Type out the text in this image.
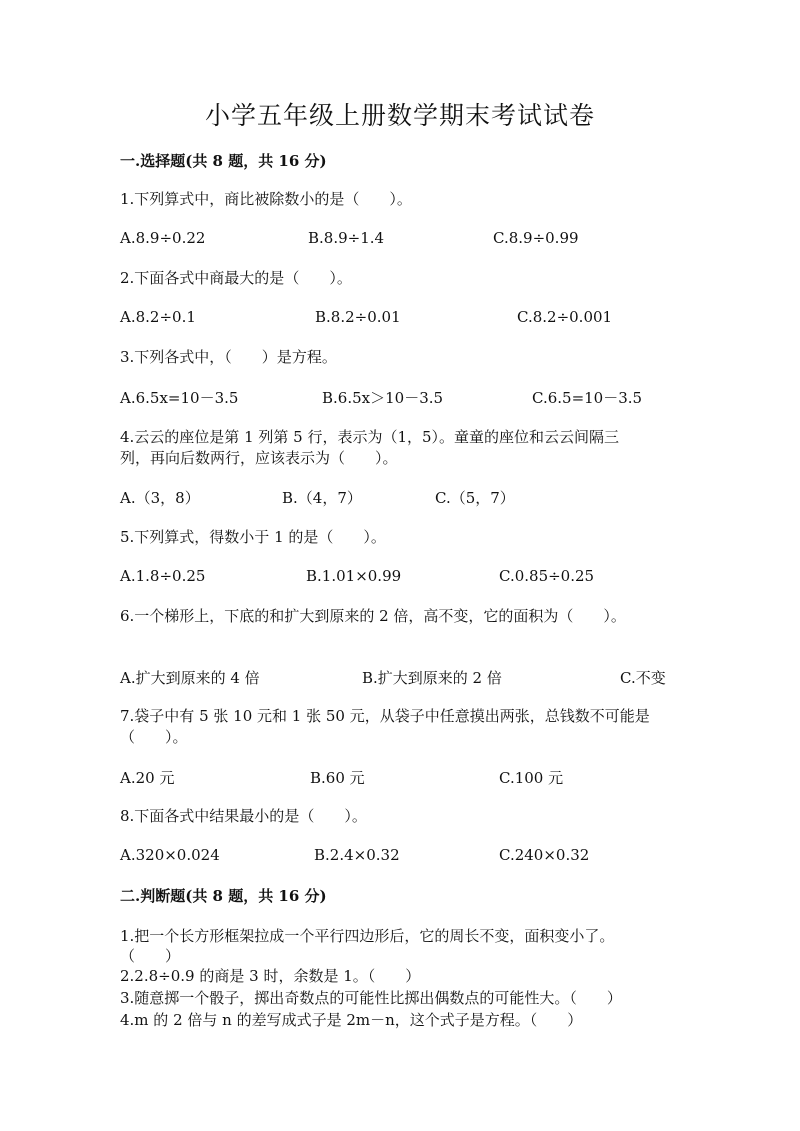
小学五年级上册数学期末考试试卷
一.选择题(共 8 题，共 16 分)
1.下列算式中，商比被除数小的是（　　）。
A.8.9÷0.22	B.8.9÷1.4	C.8.9÷0.99
2.下面各式中商最大的是（　　）。
A.8.2÷0.1	B.8.2÷0.01	C.8.2÷0.001
3.下列各式中，（　　）是方程。
A.6.5x=10－3.5	B.6.5x＞10－3.5	C.6.5=10－3.5
4.云云的座位是第 1 列第 5 行，表示为（1，5）。童童的座位和云云间隔三
列，再向后数两行，应该表示为（　　）。
A.（3，8）	B.（4，7）	C.（5，7）
5.下列算式，得数小于 1 的是（　　）。
A.1.8÷0.25	B.1.01×0.99	C.0.85÷0.25
6.一个梯形上，下底的和扩大到原来的 2 倍，高不变，它的面积为（　　）。
A.扩大到原来的 4 倍	B.扩大到原来的 2 倍	C.不变
7.袋子中有 5 张 10 元和 1 张 50 元，从袋子中任意摸出两张，总钱数不可能是
（　　）。
A.20 元	B.60 元	C.100 元
8.下面各式中结果最小的是（　　）。
A.320×0.024	B.2.4×0.32	C.240×0.32
二.判断题(共 8 题，共 16 分)
1.把一个长方形框架拉成一个平行四边形后，它的周长不变，面积变小了。
（　　）
2.2.8÷0.9 的商是 3 时，余数是 1。（　　）
3.随意掷一个骰子，掷出奇数点的可能性比掷出偶数点的可能性大。（　　）
4.m 的 2 倍与 n 的差写成式子是 2m－n，这个式子是方程。（　　）
